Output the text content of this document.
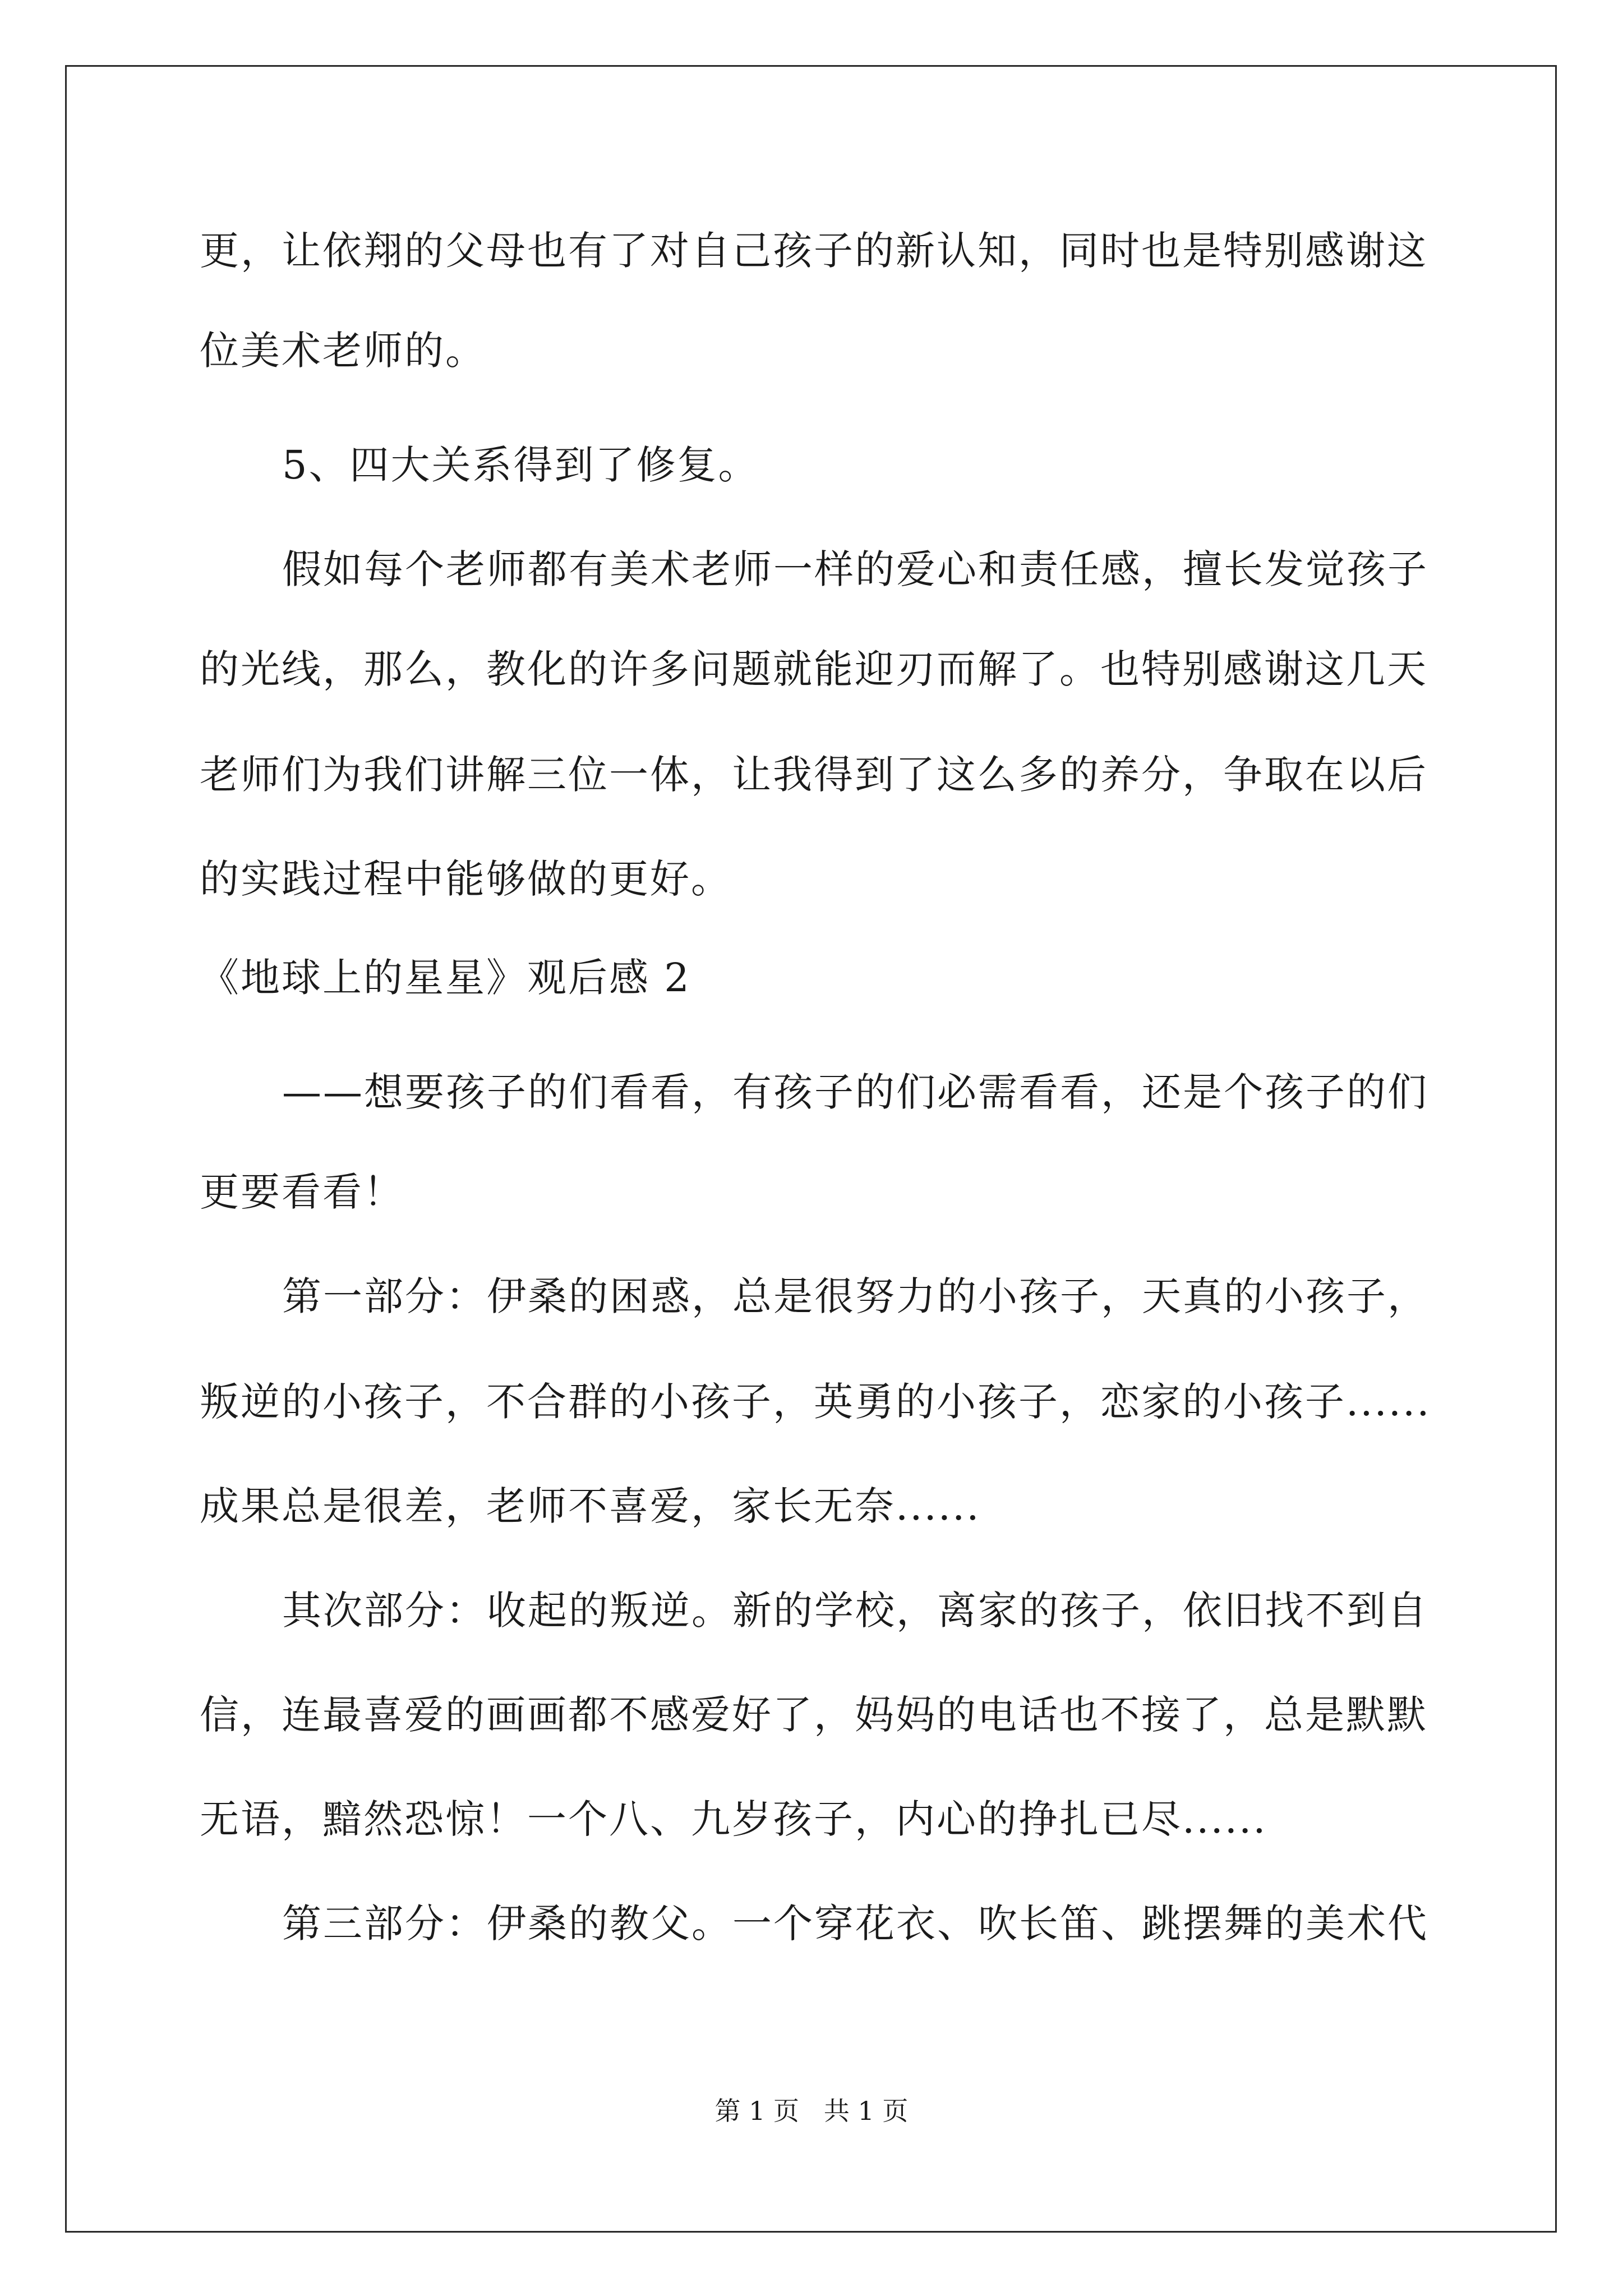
更，让依翔的父母也有了对自己孩子的新认知，同时也是特别感谢这
位美术老师的。
5、四大关系得到了修复。
假如每个老师都有美术老师一样的爱心和责任感，擅长发觉孩子
的光线，那么，教化的许多问题就能迎刃而解了。也特别感谢这几天
老师们为我们讲解三位一体，让我得到了这么多的养分，争取在以后
的实践过程中能够做的更好。
《地球上的星星》观后感 2
——想要孩子的们看看，有孩子的们必需看看，还是个孩子的们
更要看看！
第一部分：伊桑的困惑，总是很努力的小孩子，天真的小孩子，
叛逆的小孩子，不合群的小孩子，英勇的小孩子，恋家的小孩子......
成果总是很差，老师不喜爱，家长无奈......
其次部分：收起的叛逆。新的学校，离家的孩子，依旧找不到自
信，连最喜爱的画画都不感爱好了，妈妈的电话也不接了，总是默默
无语，黯然恐惊！一个八、九岁孩子，内心的挣扎已尽......
第三部分：伊桑的教父。一个穿花衣、吹长笛、跳摆舞的美术代
第 1 页   共 1 页
